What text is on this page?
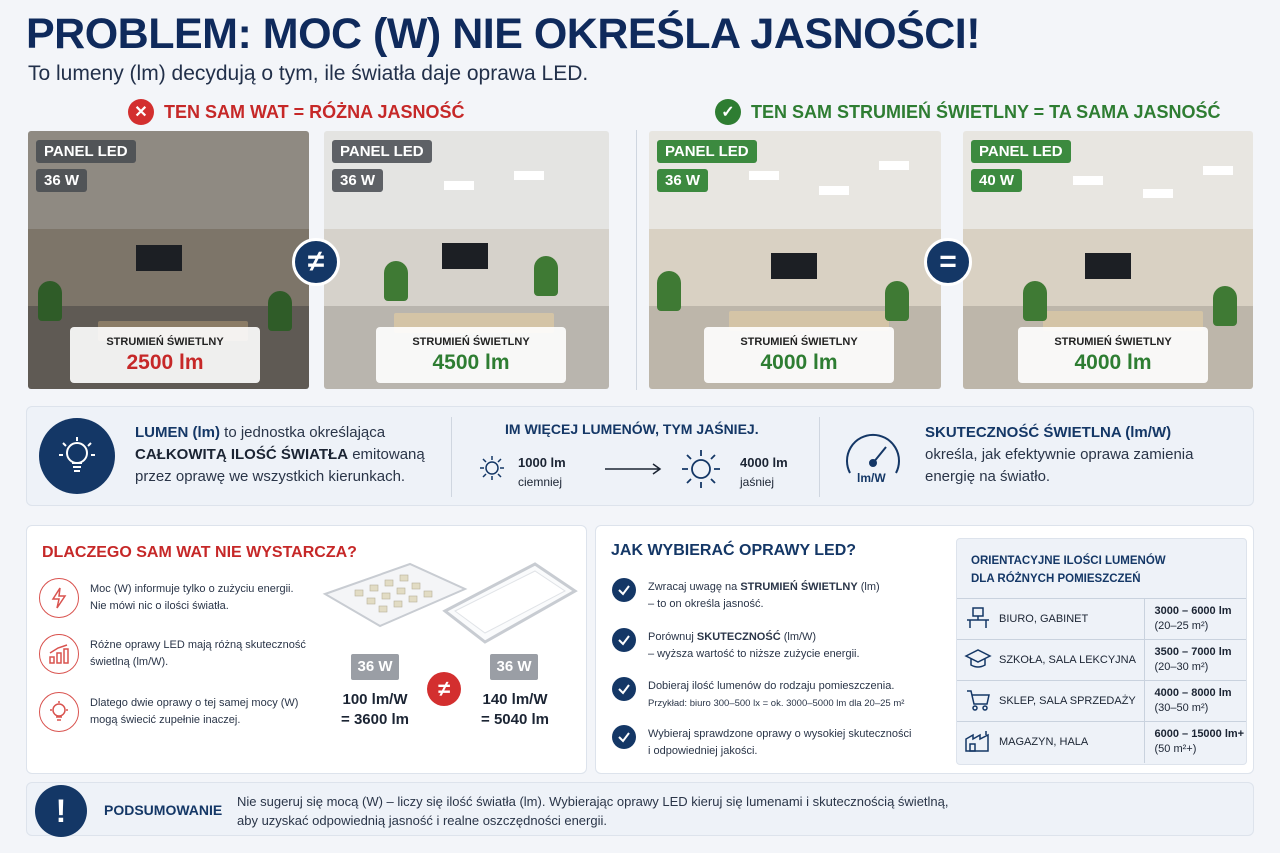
PROBLEM: MOC (W) NIE OKREŚLA JASNOŚCI!
To lumeny (lm) decydują o tym, ile światła daje oprawa LED.
✕ TEN SAM WAT = RÓŻNA JASNOŚĆ	✓ TEN SAM STRUMIEŃ ŚWIETLNY = TA SAMA JASNOŚĆ
PANEL LED
36 W
STRUMIEŃ ŚWIETLNY
2500 lm
PANEL LED
36 W
STRUMIEŃ ŚWIETLNY
4500 lm
≠
PANEL LED
36 W
STRUMIEŃ ŚWIETLNY
4000 lm
PANEL LED
40 W
STRUMIEŃ ŚWIETLNY
4000 lm
=
LUMEN (lm) to jednostka określająca
CAŁKOWITĄ ILOŚĆ ŚWIATŁA emitowaną
przez oprawę we wszystkich kierunkach.
IM WIĘCEJ LUMENÓW, TYM JAŚNIEJ.
1000 lm
ciemniej
4000 lm
jaśniej	lm/W
SKUTECZNOŚĆ ŚWIETLNA (lm/W)
określa, jak efektywnie oprawa zamienia
energię na światło.
DLACZEGO SAM WAT NIE WYSTARCZA?
Moc (W) informuje tylko o zużyciu energii.
Nie mówi nic o ilości światła.
Różne oprawy LED mają różną skuteczność
świetlną (lm/W).
Dlatego dwie oprawy o tej samej mocy (W)
mogą świecić zupełnie inaczej.
36 W	36 W
100 lm/W
= 3600 lm
≠	140 lm/W
= 5040 lm
JAK WYBIERAĆ OPRAWY LED?
Zwracaj uwagę na STRUMIEŃ ŚWIETLNY (lm)
– to on określa jasność.
Porównuj SKUTECZNOŚĆ (lm/W)
– wyższa wartość to niższe zużycie energii.
Dobieraj ilość lumenów do rodzaju pomieszczenia.
Przykład: biuro 300–500 lx = ok. 3000–5000 lm dla 20–25 m²
Wybieraj sprawdzone oprawy o wysokiej skuteczności
i odpowiedniej jakości.
ORIENTACYJNE ILOŚCI LUMENÓW
DLA RÓŻNYCH POMIESZCZEŃ
	BIURO, GABINET	3000 – 6000 lm
(20–25 m²)

	SZKOŁA, SALA LEKCYJNA	3500 – 7000 lm
(20–30 m²)

	SKLEP, SALA SPRZEDAŻY	4000 – 8000 lm
(30–50 m²)

	MAGAZYN, HALA	6000 – 15000 lm+
(50 m²+)
!	PODSUMOWANIE
Nie sugeruj się mocą (W) – liczy się ilość światła (lm). Wybierając oprawy LED kieruj się lumenami i skutecznością świetlną,
aby uzyskać odpowiednią jasność i realne oszczędności energii.
